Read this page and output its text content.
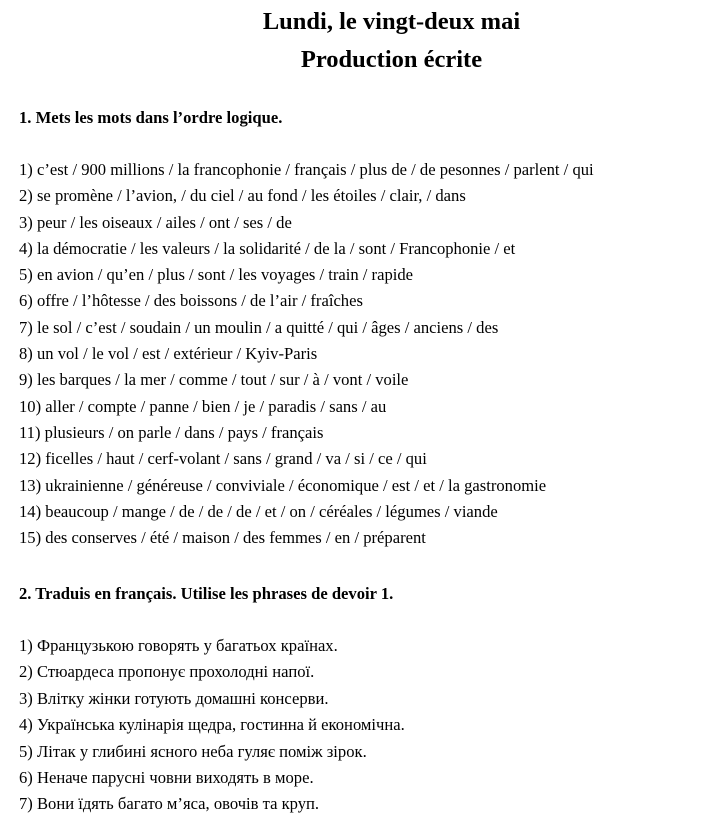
Lundi, le vingt-deux mai
Production écrite
1. Mets les mots dans l’ordre logique.
1) c’est / 900 millions / la francophonie / français / plus de / de pesonnes / parlent / qui
2) se promène / l’avion, / du ciel / au fond / les étoiles / clair, / dans
3) peur / les oiseaux / ailes / ont / ses / de
4) la démocratie / les valeurs / la solidarité / de la / sont / Francophonie / et
5) en avion / qu’en / plus / sont / les voyages / train / rapide
6) offre / l’hôtesse / des boissons / de l’air / fraîches
7) le sol / c’est / soudain / un moulin / a quitté / qui / âges / anciens / des
8) un vol / le vol / est / extérieur / Kyiv-Paris
9) les barques / la mer / comme / tout / sur / à / vont / voile
10) aller / compte / panne / bien / je / paradis / sans / au
11) plusieurs / on parle / dans / pays / français
12) ficelles / haut / cerf-volant / sans / grand / va / si / ce / qui
13) ukrainienne / généreuse / conviviale / économique / est / et / la gastronomie
14) beaucoup / mange / de / de / de / et / on / céréales / légumes / viande
15) des conserves / été / maison / des femmes / en / préparent
2. Traduis en français. Utilise les phrases de devoir 1.
1) Французькою говорять у багатьох країнах.
2) Стюардеса пропонує прохолодні напої.
3) Влітку жінки готують домашні консерви.
4) Українська кулінарія щедра, гостинна й економічна.
5) Літак у глибині ясного неба гуляє поміж зірок.
6) Неначе парусні човни виходять в море.
7) Вони їдять багато м’яса, овочів та круп.
